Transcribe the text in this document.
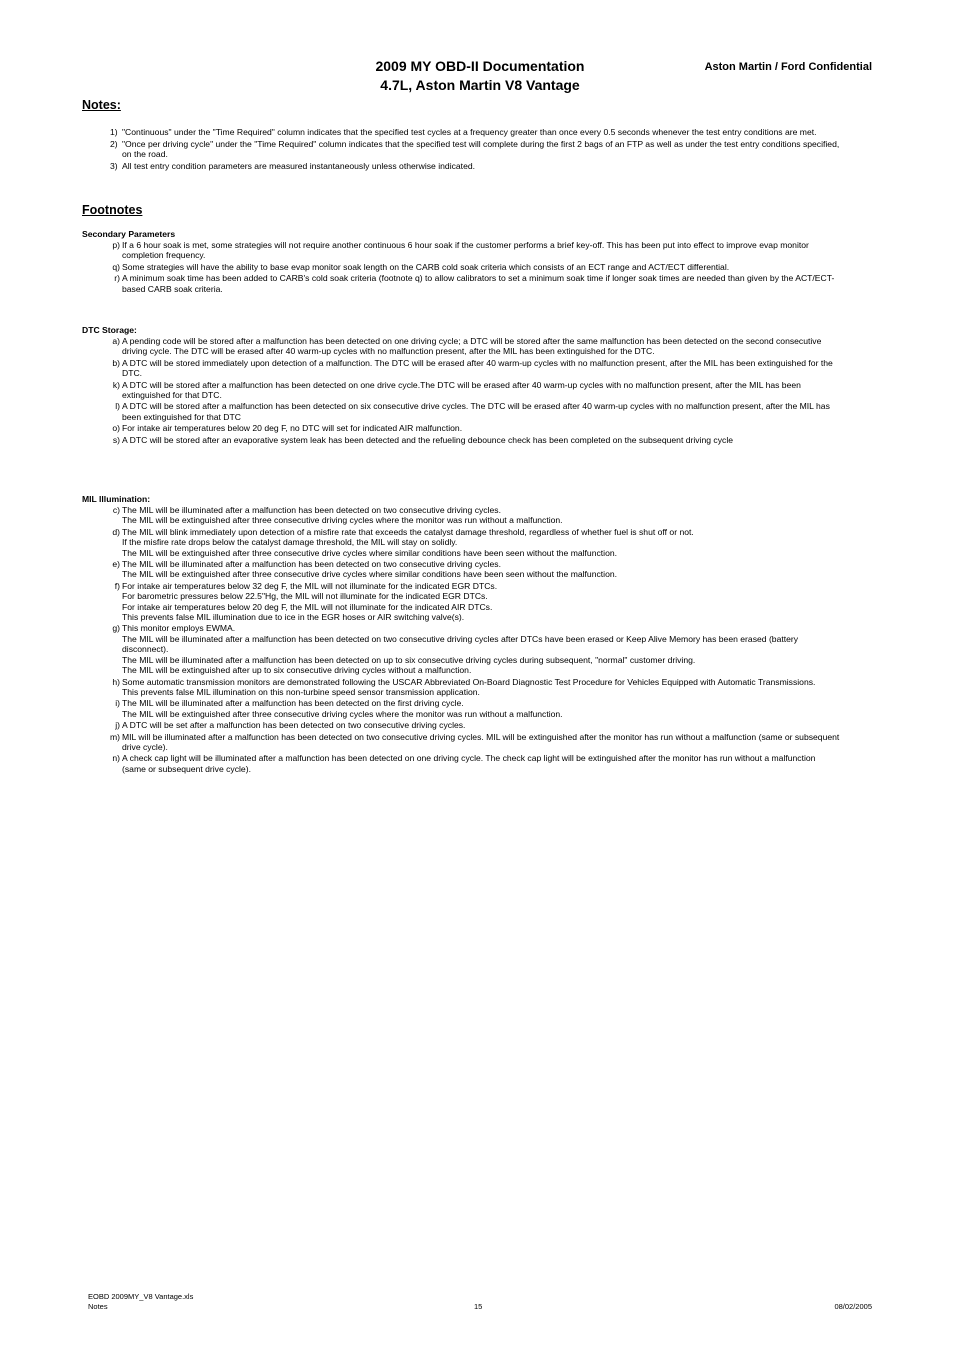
2009 MY OBD-II Documentation
4.7L, Aston Martin V8 Vantage
Aston Martin / Ford Confidential
Notes:
1) "Continuous" under the "Time Required" column indicates that the specified test cycles at a frequency greater than once every 0.5 seconds whenever the test entry conditions are met.
2) "Once per driving cycle" under the "Time Required" column indicates that the specified test will complete during the first 2 bags of an FTP as well as under the test entry conditions specified, on the road.
3) All test entry condition parameters are measured instantaneously unless otherwise indicated.
Footnotes
Secondary Parameters
p) If a 6 hour soak is met, some strategies will not require another continuous 6 hour soak if the customer performs a brief key-off. This has been put into effect to improve evap monitor completion frequency.
q) Some strategies will have the ability to base evap monitor soak length on the CARB cold soak criteria which consists of an ECT range and ACT/ECT differential.
r) A minimum soak time has been added to CARB's cold soak criteria (footnote q) to allow calibrators to set a minimum soak time if longer soak times are needed than given by the ACT/ECT-based CARB soak criteria.
DTC Storage:
a) A pending code will be stored after a malfunction has been detected on one driving cycle; a DTC will be stored after the same malfunction has been detected on the second consecutive driving cycle. The DTC will be erased after 40 warm-up cycles with no malfunction present, after the MIL has been extinguished for the DTC.
b) A DTC will be stored immediately upon detection of a malfunction. The DTC will be erased after 40 warm-up cycles with no malfunction present, after the MIL has been extinguished for the DTC.
k) A DTC will be stored after a malfunction has been detected on one drive cycle.The DTC will be erased after 40 warm-up cycles with no malfunction present, after the MIL has been extinguished for that DTC.
l) A DTC will be stored after a malfunction has been detected on six consecutive drive cycles. The DTC will be erased after 40 warm-up cycles with no malfunction present, after the MIL has been extinguished for that DTC
o) For intake air temperatures below 20 deg F, no DTC will set for indicated AIR malfunction.
s) A DTC will be stored after an evaporative system leak has been detected and the refueling debounce check has been completed on the subsequent driving cycle
MIL Illumination:
c) The MIL will be illuminated after a malfunction has been detected on two consecutive driving cycles.
The MIL will be extinguished after three consecutive driving cycles where the monitor was run without a malfunction.
d) The MIL will blink immediately upon detection of a misfire rate that exceeds the catalyst damage threshold, regardless of whether fuel is shut off or not.
If the misfire rate drops below the catalyst damage threshold, the MIL will stay on solidly.
The MIL will be extinguished after three consecutive drive cycles where similar conditions have been seen without the malfunction.
e) The MIL will be illuminated after a malfunction has been detected on two consecutive driving cycles.
The MIL will be extinguished after three consecutive drive cycles where similar conditions have been seen without the malfunction.
f) For intake air temperatures below 32 deg F, the MIL will not illuminate for the indicated EGR DTCs.
For barometric pressures below 22.5"Hg, the MIL will not illuminate for the indicated EGR DTCs.
For intake air temperatures below 20 deg F, the MIL will not illuminate for the indicated AIR DTCs.
This prevents false MIL illumination due to ice in the EGR hoses or AIR switching valve(s).
g) This monitor employs EWMA.
The MIL will be illuminated after a malfunction has been detected on two consecutive driving cycles after DTCs have been erased or Keep Alive Memory has been erased (battery disconnect).
The MIL will be illuminated after a malfunction has been detected on up to six consecutive driving cycles during subsequent, "normal" customer driving.
The MIL will be extinguished after up to six consecutive driving cycles without a malfunction.
h) Some automatic transmission monitors are demonstrated following the USCAR Abbreviated On-Board Diagnostic Test Procedure for Vehicles Equipped with Automatic Transmissions.
This prevents false MIL illumination on this non-turbine speed sensor transmission application.
i) The MIL will be illuminated after a malfunction has been detected on the first driving cycle.
The MIL will be extinguished after three consecutive driving cycles where the monitor was run without a malfunction.
j) A DTC will be set after a malfunction has been detected on two consecutive driving cycles.
m) MIL will be illuminated after a malfunction has been detected on two consecutive driving cycles. MIL will be extinguished after the monitor has run without a malfunction (same or subsequent drive cycle).
n) A check cap light will be illuminated after a malfunction has been detected on one driving cycle. The check cap light will be extinguished after the monitor has run without a malfunction (same or subsequent drive cycle).
EOBD 2009MY_V8 Vantage.xls
Notes	15	08/02/2005
